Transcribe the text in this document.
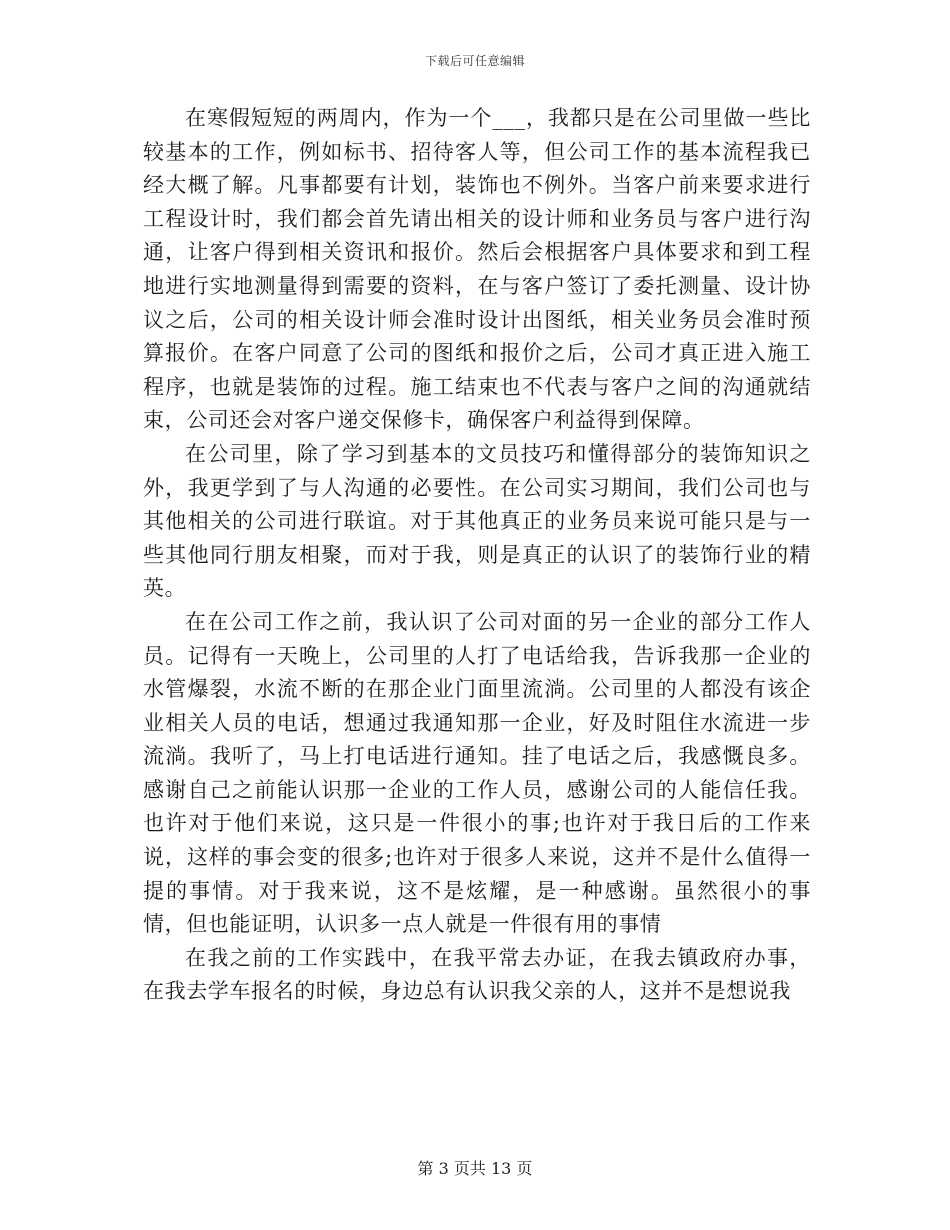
下载后可任意编辑

在寒假短短的两周内，作为一个___，我都只是在公司里做一些比较基本的工作，例如标书、招待客人等，但公司工作的基本流程我已经大概了解。凡事都要有计划，装饰也不例外。当客户前来要求进行工程设计时，我们都会首先请出相关的设计师和业务员与客户进行沟通，让客户得到相关资讯和报价。然后会根据客户具体要求和到工程地进行实地测量得到需要的资料，在与客户签订了委托测量、设计协议之后，公司的相关设计师会准时设计出图纸，相关业务员会准时预算报价。在客户同意了公司的图纸和报价之后，公司才真正进入施工程序，也就是装饰的过程。施工结束也不代表与客户之间的沟通就结束，公司还会对客户递交保修卡，确保客户利益得到保障。

在公司里，除了学习到基本的文员技巧和懂得部分的装饰知识之外，我更学到了与人沟通的必要性。在公司实习期间，我们公司也与其他相关的公司进行联谊。对于其他真正的业务员来说可能只是与一些其他同行朋友相聚，而对于我，则是真正的认识了的装饰行业的精英。

在在公司工作之前，我认识了公司对面的另一企业的部分工作人员。记得有一天晚上，公司里的人打了电话给我，告诉我那一企业的水管爆裂，水流不断的在那企业门面里流淌。公司里的人都没有该企业相关人员的电话，想通过我通知那一企业，好及时阻住水流进一步流淌。我听了，马上打电话进行通知。挂了电话之后，我感慨良多。感谢自己之前能认识那一企业的工作人员，感谢公司的人能信任我。也许对于他们来说，这只是一件很小的事;也许对于我日后的工作来说，这样的事会变的很多;也许对于很多人来说，这并不是什么值得一提的事情。对于我来说，这不是炫耀，是一种感谢。虽然很小的事情，但也能证明，认识多一点人就是一件很有用的事情

在我之前的工作实践中，在我平常去办证，在我去镇政府办事，在我去学车报名的时候，身边总有认识我父亲的人，这并不是想说我

第 3 页共 13 页
